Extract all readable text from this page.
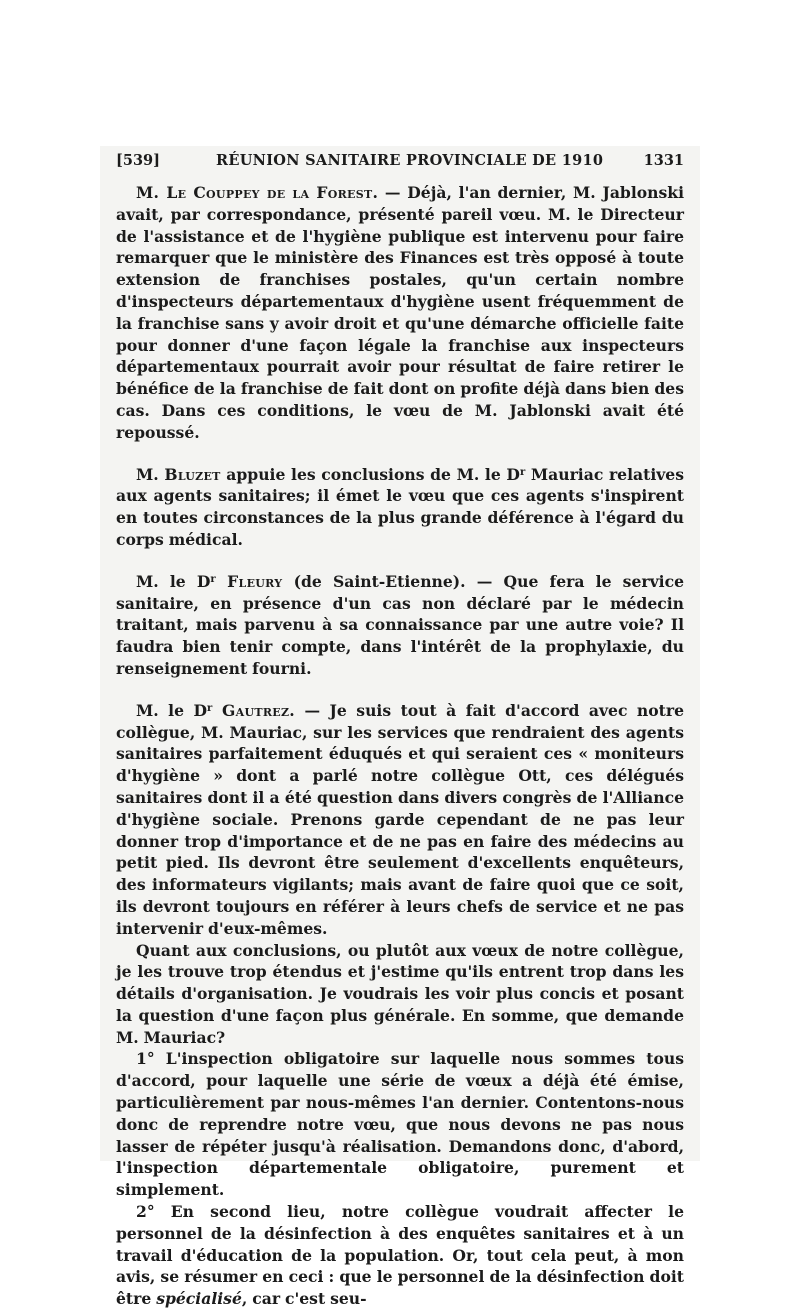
[539]	RÉUNION SANITAIRE PROVINCIALE DE 1910	1331

M. Le Couppey de la Forest. — Déjà, l'an dernier, M. Jablonski avait, par correspondance, présenté pareil vœu. M. le Directeur de l'assistance et de l'hygiène publique est intervenu pour faire remarquer que le ministère des Finances est très opposé à toute extension de franchises postales, qu'un certain nombre d'inspecteurs départementaux d'hygiène usent fréquemment de la franchise sans y avoir droit et qu'une démarche officielle faite pour donner d'une façon légale la franchise aux inspecteurs départementaux pourrait avoir pour résultat de faire retirer le bénéfice de la franchise de fait dont on profite déjà dans bien des cas. Dans ces conditions, le vœu de M. Jablonski avait été repoussé.

M. Bluzet appuie les conclusions de M. le $D^r$ Mauriac relatives aux agents sanitaires; il émet le vœu que ces agents s'inspirent en toutes circonstances de la plus grande déférence à l'égard du corps médical.

M. le $D^r$ Fleury (de Saint-Etienne). — Que fera le service sanitaire, en présence d'un cas non déclaré par le médecin traitant, mais parvenu à sa connaissance par une autre voie? Il faudra bien tenir compte, dans l'intérêt de la prophylaxie, du renseignement fourni.

M. le $D^r$ Gautrez. — Je suis tout à fait d'accord avec notre collègue, M. Mauriac, sur les services que rendraient des agents sanitaires parfaitement éduqués et qui seraient ces « moniteurs d'hygiène » dont a parlé notre collègue Ott, ces délégués sanitaires dont il a été question dans divers congrès de l'Alliance d'hygiène sociale. Prenons garde cependant de ne pas leur donner trop d'importance et de ne pas en faire des médecins au petit pied. Ils devront être seulement d'excellents enquêteurs, des informateurs vigilants; mais avant de faire quoi que ce soit, ils devront toujours en référer à leurs chefs de service et ne pas intervenir d'eux-mêmes.

Quant aux conclusions, ou plutôt aux vœux de notre collègue, je les trouve trop étendus et j'estime qu'ils entrent trop dans les détails d'organisation. Je voudrais les voir plus concis et posant la question d'une façon plus générale. En somme, que demande M. Mauriac?

1° L'inspection obligatoire sur laquelle nous sommes tous d'accord, pour laquelle une série de vœux a déjà été émise, particulièrement par nous-mêmes l'an dernier. Contentons-nous donc de reprendre notre vœu, que nous devons ne pas nous lasser de répéter jusqu'à réalisation. Demandons donc, d'abord, l'inspection départementale obligatoire, purement et simplement.

2° En second lieu, notre collègue voudrait affecter le personnel de la désinfection à des enquêtes sanitaires et à un travail d'éducation de la population. Or, tout cela peut, à mon avis, se résumer en ceci : que le personnel de la désinfection doit être spécialisé, car c'est seu-
